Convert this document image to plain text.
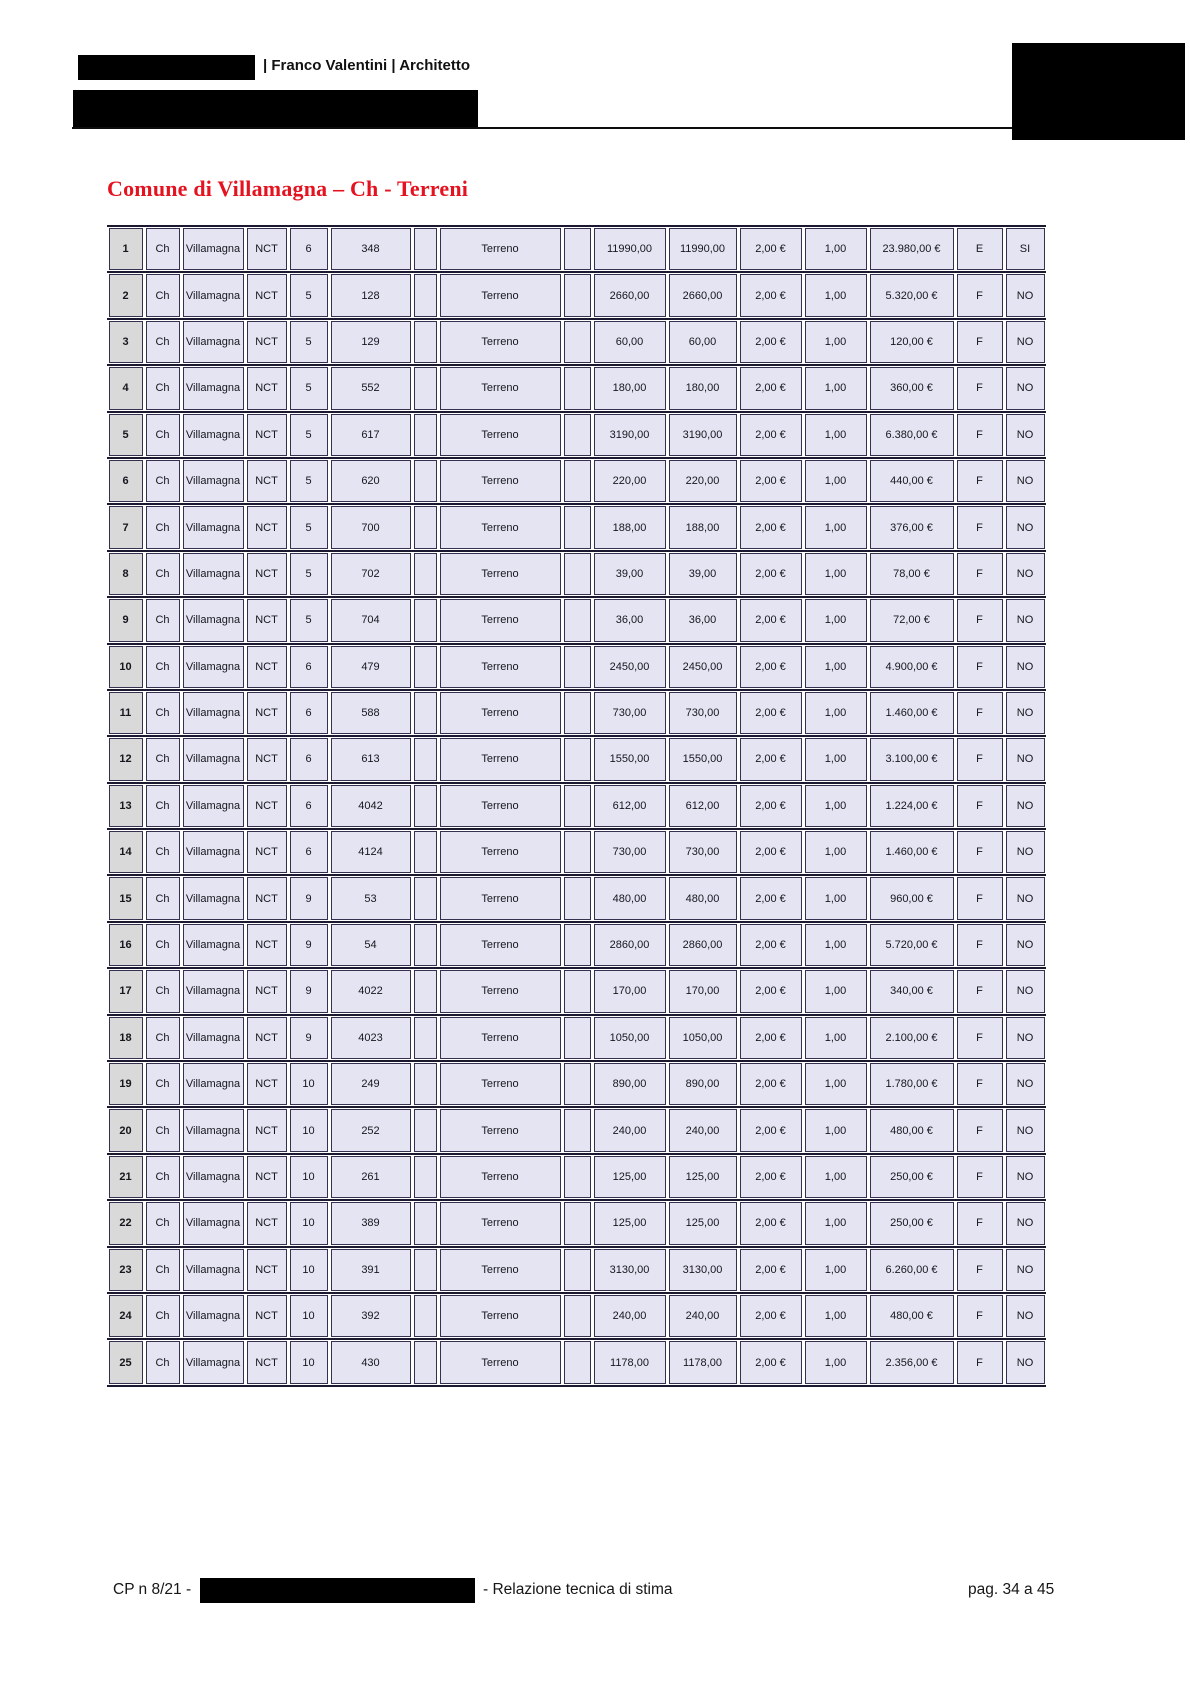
| Franco Valentini | Architetto
Comune di Villamagna – Ch - Terreni
1	Ch	Villamagna	NCT	6	348	Terreno	11990,00	11990,00	2,00 €	1,00	23.980,00 €	E	SI
2	Ch	Villamagna	NCT	5	128	Terreno	2660,00	2660,00	2,00 €	1,00	5.320,00 €	F	NO
3	Ch	Villamagna	NCT	5	129	Terreno	60,00	60,00	2,00 €	1,00	120,00 €	F	NO
4	Ch	Villamagna	NCT	5	552	Terreno	180,00	180,00	2,00 €	1,00	360,00 €	F	NO
5	Ch	Villamagna	NCT	5	617	Terreno	3190,00	3190,00	2,00 €	1,00	6.380,00 €	F	NO
6	Ch	Villamagna	NCT	5	620	Terreno	220,00	220,00	2,00 €	1,00	440,00 €	F	NO
7	Ch	Villamagna	NCT	5	700	Terreno	188,00	188,00	2,00 €	1,00	376,00 €	F	NO
8	Ch	Villamagna	NCT	5	702	Terreno	39,00	39,00	2,00 €	1,00	78,00 €	F	NO
9	Ch	Villamagna	NCT	5	704	Terreno	36,00	36,00	2,00 €	1,00	72,00 €	F	NO
10	Ch	Villamagna	NCT	6	479	Terreno	2450,00	2450,00	2,00 €	1,00	4.900,00 €	F	NO
11	Ch	Villamagna	NCT	6	588	Terreno	730,00	730,00	2,00 €	1,00	1.460,00 €	F	NO
12	Ch	Villamagna	NCT	6	613	Terreno	1550,00	1550,00	2,00 €	1,00	3.100,00 €	F	NO
13	Ch	Villamagna	NCT	6	4042	Terreno	612,00	612,00	2,00 €	1,00	1.224,00 €	F	NO
14	Ch	Villamagna	NCT	6	4124	Terreno	730,00	730,00	2,00 €	1,00	1.460,00 €	F	NO
15	Ch	Villamagna	NCT	9	53	Terreno	480,00	480,00	2,00 €	1,00	960,00 €	F	NO
16	Ch	Villamagna	NCT	9	54	Terreno	2860,00	2860,00	2,00 €	1,00	5.720,00 €	F	NO
17	Ch	Villamagna	NCT	9	4022	Terreno	170,00	170,00	2,00 €	1,00	340,00 €	F	NO
18	Ch	Villamagna	NCT	9	4023	Terreno	1050,00	1050,00	2,00 €	1,00	2.100,00 €	F	NO
19	Ch	Villamagna	NCT	10	249	Terreno	890,00	890,00	2,00 €	1,00	1.780,00 €	F	NO
20	Ch	Villamagna	NCT	10	252	Terreno	240,00	240,00	2,00 €	1,00	480,00 €	F	NO
21	Ch	Villamagna	NCT	10	261	Terreno	125,00	125,00	2,00 €	1,00	250,00 €	F	NO
22	Ch	Villamagna	NCT	10	389	Terreno	125,00	125,00	2,00 €	1,00	250,00 €	F	NO
23	Ch	Villamagna	NCT	10	391	Terreno	3130,00	3130,00	2,00 €	1,00	6.260,00 €	F	NO
24	Ch	Villamagna	NCT	10	392	Terreno	240,00	240,00	2,00 €	1,00	480,00 €	F	NO
25	Ch	Villamagna	NCT	10	430	Terreno	1178,00	1178,00	2,00 €	1,00	2.356,00 €	F	NO
CP n 8/21 -	- Relazione tecnica di stima	pag. 34 a 45
